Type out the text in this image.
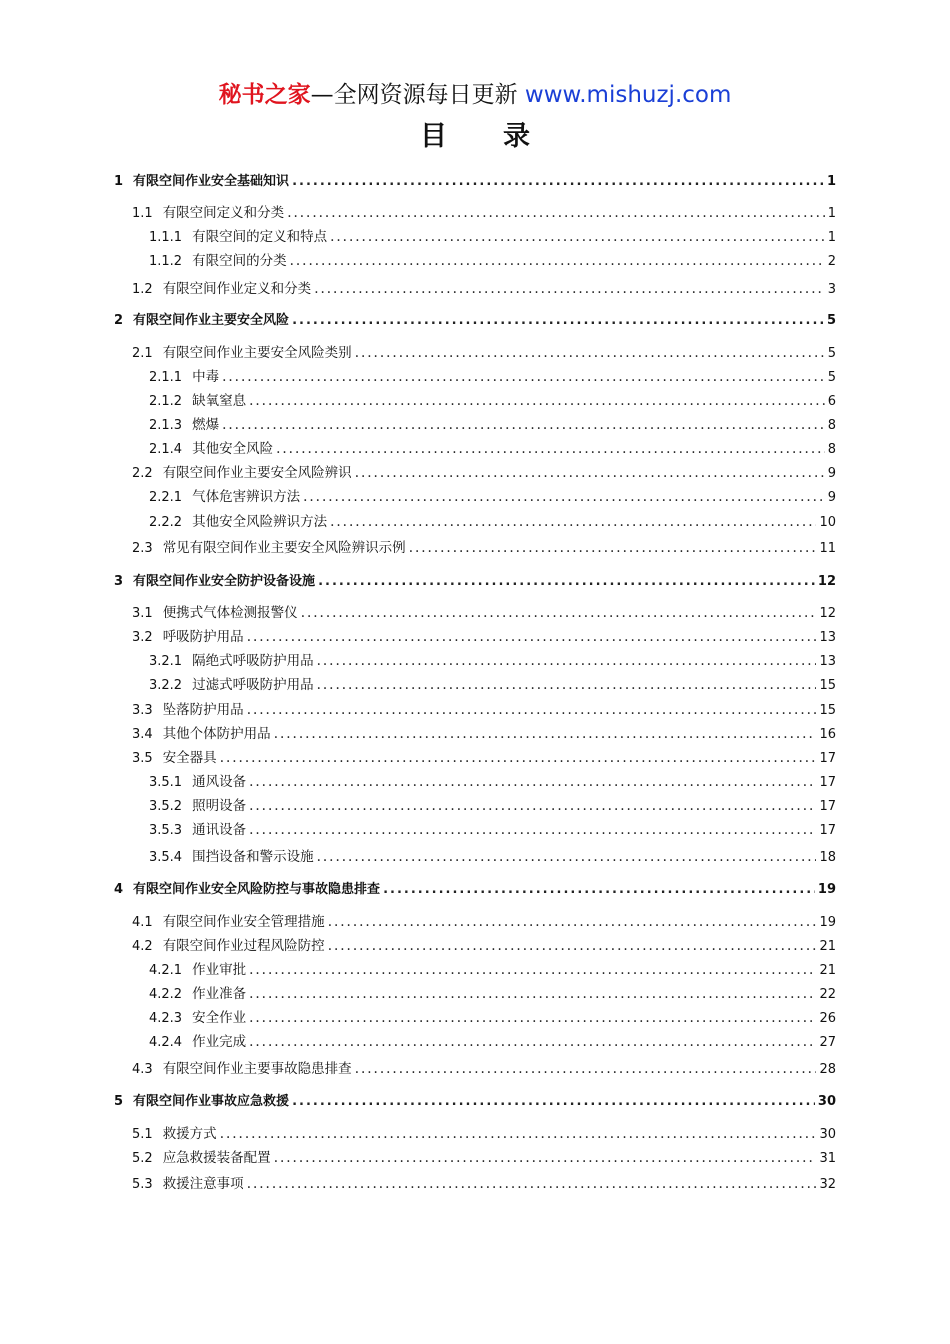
秘书之家—全网资源每日更新 www.mishuzj.com
目录
1 有限空间作业安全基础知识 .....	1
1.1 有限空间定义和分类 .....	1
1.1.1 有限空间的定义和特点 .....	1
1.1.2 有限空间的分类 .....	2
1.2 有限空间作业定义和分类 .....	3
2 有限空间作业主要安全风险 .....	5
2.1 有限空间作业主要安全风险类别 .....	5
2.1.1 中毒 .....	5
2.1.2 缺氧窒息 .....	6
2.1.3 燃爆 .....	8
2.1.4 其他安全风险 .....	8
2.2 有限空间作业主要安全风险辨识 .....	9
2.2.1 气体危害辨识方法 .....	9
2.2.2 其他安全风险辨识方法 .....	10
2.3 常见有限空间作业主要安全风险辨识示例 .....	11
3 有限空间作业安全防护设备设施 .....	12
3.1 便携式气体检测报警仪 .....	12
3.2 呼吸防护用品 .....	13
3.2.1 隔绝式呼吸防护用品 .....	13
3.2.2 过滤式呼吸防护用品 .....	15
3.3 坠落防护用品 .....	15
3.4 其他个体防护用品 .....	16
3.5 安全器具 .....	17
3.5.1 通风设备 .....	17
3.5.2 照明设备 .....	17
3.5.3 通讯设备 .....	17
3.5.4 围挡设备和警示设施 .....	18
4 有限空间作业安全风险防控与事故隐患排查 .....	19
4.1 有限空间作业安全管理措施 .....	19
4.2 有限空间作业过程风险防控 .....	21
4.2.1 作业审批 .....	21
4.2.2 作业准备 .....	22
4.2.3 安全作业 .....	26
4.2.4 作业完成 .....	27
4.3 有限空间作业主要事故隐患排查 .....	28
5 有限空间作业事故应急救援 .....	30
5.1 救援方式 .....	30
5.2 应急救援装备配置 .....	31
5.3 救援注意事项 .....	32
